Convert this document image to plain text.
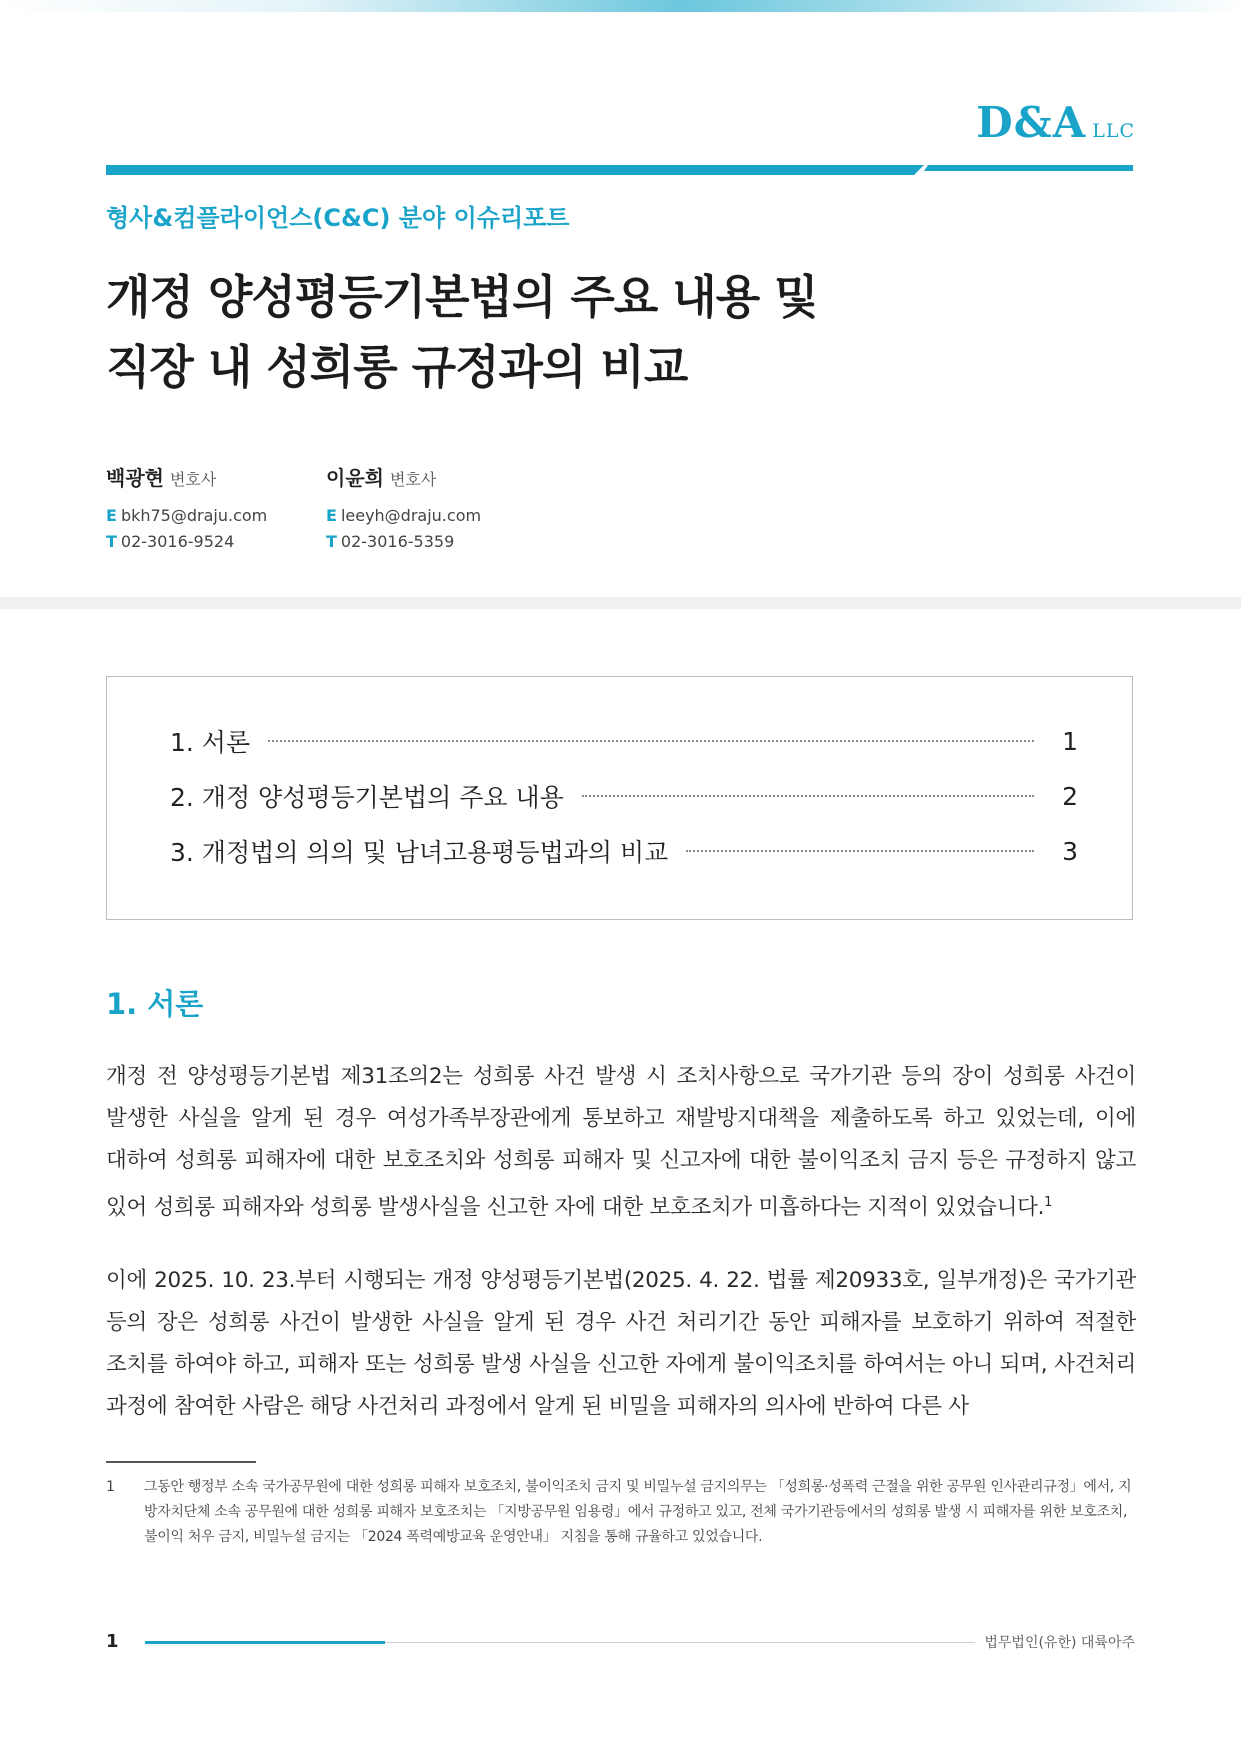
D&A LLC
형사&컴플라이언스(C&C) 분야 이슈리포트
개정 양성평등기본법의 주요 내용 및
직장 내 성희롱 규정과의 비교
백광현 변호사
E bkh75@draju.com
T 02-3016-9524
이윤희 변호사
E leeyh@draju.com
T 02-3016-5359
1. 서론	1
2. 개정 양성평등기본법의 주요 내용	2
3. 개정법의 의의 및 남녀고용평등법과의 비교	3
1. 서론

개정 전 양성평등기본법 제31조의2는 성희롱 사건 발생 시 조치사항으로 국가기관 등의 장이 성희롱 사건이 발생한 사실을 알게 된 경우 여성가족부장관에게 통보하고 재발방지대책을 제출하도록 하고 있었는데, 이에 대하여 성희롱 피해자에 대한 보호조치와 성희롱 피해자 및 신고자에 대한 불이익조치 금지 등은 규정하지 않고 있어 성희롱 피해자와 성희롱 발생사실을 신고한 자에 대한 보호조치가 미흡하다는 지적이 있었습니다.$^1$

이에 2025. 10. 23.부터 시행되는 개정 양성평등기본법(2025. 4. 22. 법률 제20933호, 일부개정)은 국가기관 등의 장은 성희롱 사건이 발생한 사실을 알게 된 경우 사건 처리기간 동안 피해자를 보호하기 위하여 적절한 조치를 하여야 하고, 피해자 또는 성희롱 발생 사실을 신고한 자에게 불이익조치를 하여서는 아니 되며, 사건처리 과정에 참여한 사람은 해당 사건처리 과정에서 알게 된 비밀을 피해자의 의사에 반하여 다른 사

1 그동안 행정부 소속 국가공무원에 대한 성희롱 피해자 보호조치, 불이익조치 금지 및 비밀누설 금지의무는 「성희롱·성폭력 근절을 위한 공무원 인사관리규정」에서, 지방자치단체 소속 공무원에 대한 성희롱 피해자 보호조치는 「지방공무원 임용령」에서 규정하고 있고, 전체 국가기관등에서의 성희롱 발생 시 피해자를 위한 보호조치, 불이익 처우 금지, 비밀누설 금지는 「2024 폭력예방교육 운영안내」 지침을 통해 규율하고 있었습니다.
1	법무법인(유한) 대륙아주
